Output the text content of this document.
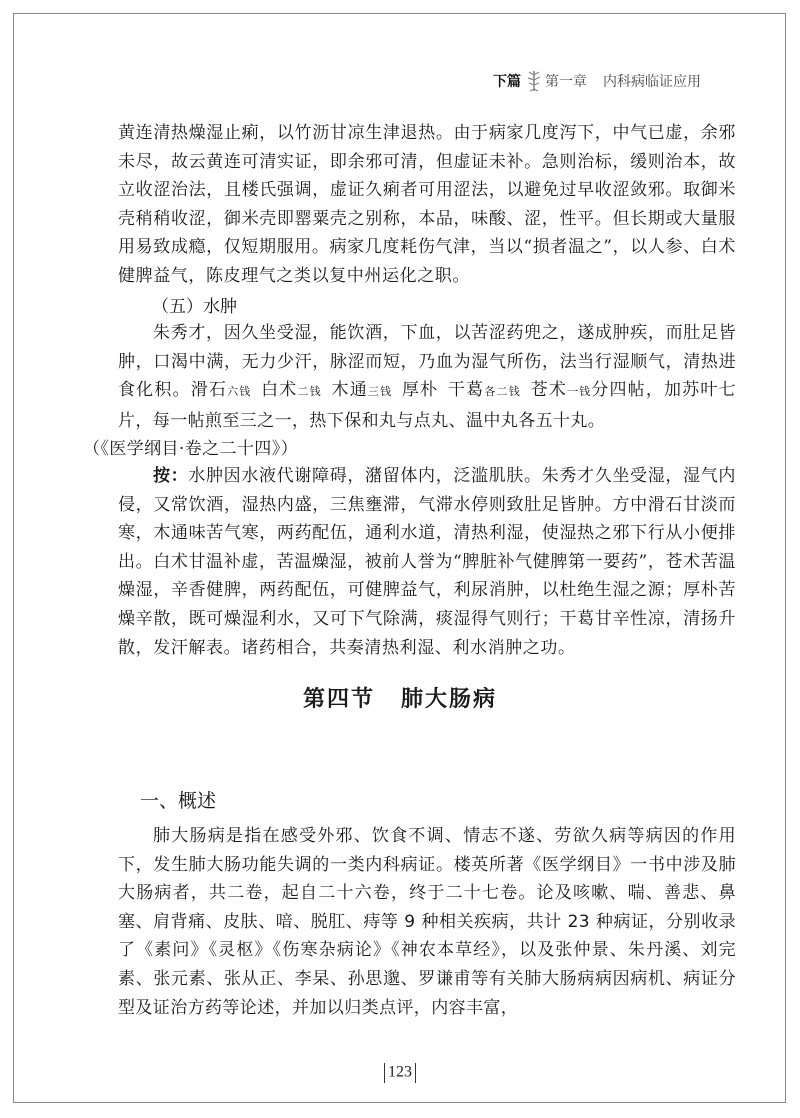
下篇 第一章 内科病临证应用
黄连清热燥湿止痢，以竹沥甘凉生津退热。由于病家几度泻下，中气已虚，余邪未尽，故云黄连可清实证，即余邪可清，但虚证未补。急则治标，缓则治本，故立收涩治法，且楼氏强调，虚证久痢者可用涩法，以避免过早收涩敛邪。取御米壳稍稍收涩，御米壳即罂粟壳之别称，本品，味酸、涩，性平。但长期或大量服用易致成瘾，仅短期服用。病家几度耗伤气津，当以“损者温之”，以人参、白术健脾益气，陈皮理气之类以复中州运化之职。
（五）水肿
朱秀才，因久坐受湿，能饮酒，下血，以苦涩药兜之，遂成肿疾，而肚足皆肿，口渴中满，无力少汗，脉涩而短，乃血为湿气所伤，法当行湿顺气，清热进食化积。滑石六钱  白术二钱  木通三钱  厚朴  干葛各二钱  苍术一钱分四帖，加苏叶七片，每一帖煎至三之一，热下保和丸与点丸、温中丸各五十丸。
（《医学纲目·卷之二十四》）
按：水肿因水液代谢障碍，潴留体内，泛滥肌肤。朱秀才久坐受湿，湿气内侵，又常饮酒，湿热内盛，三焦壅滞，气滞水停则致肚足皆肿。方中滑石甘淡而寒，木通味苦气寒，两药配伍，通利水道，清热利湿，使湿热之邪下行从小便排出。白术甘温补虚，苦温燥湿，被前人誉为“脾脏补气健脾第一要药”，苍术苦温燥湿，辛香健脾，两药配伍，可健脾益气，利尿消肿，以杜绝生湿之源；厚朴苦燥辛散，既可燥湿利水，又可下气除满，痰湿得气则行；干葛甘辛性凉，清扬升散，发汗解表。诸药相合，共奏清热利湿、利水消肿之功。
第四节 肺大肠病
一、概述
肺大肠病是指在感受外邪、饮食不调、情志不遂、劳欲久病等病因的作用下，发生肺大肠功能失调的一类内科病证。楼英所著《医学纲目》一书中涉及肺大肠病者，共二卷，起自二十六卷，终于二十七卷。论及咳嗽、喘、善悲、鼻塞、肩背痛、皮肤、喑、脱肛、痔等 9 种相关疾病，共计 23 种病证，分别收录了《素问》《灵枢》《伤寒杂病论》《神农本草经》，以及张仲景、朱丹溪、刘完素、张元素、张从正、李杲、孙思邈、罗谦甫等有关肺大肠病病因病机、病证分型及证治方药等论述，并加以归类点评，内容丰富，
123
